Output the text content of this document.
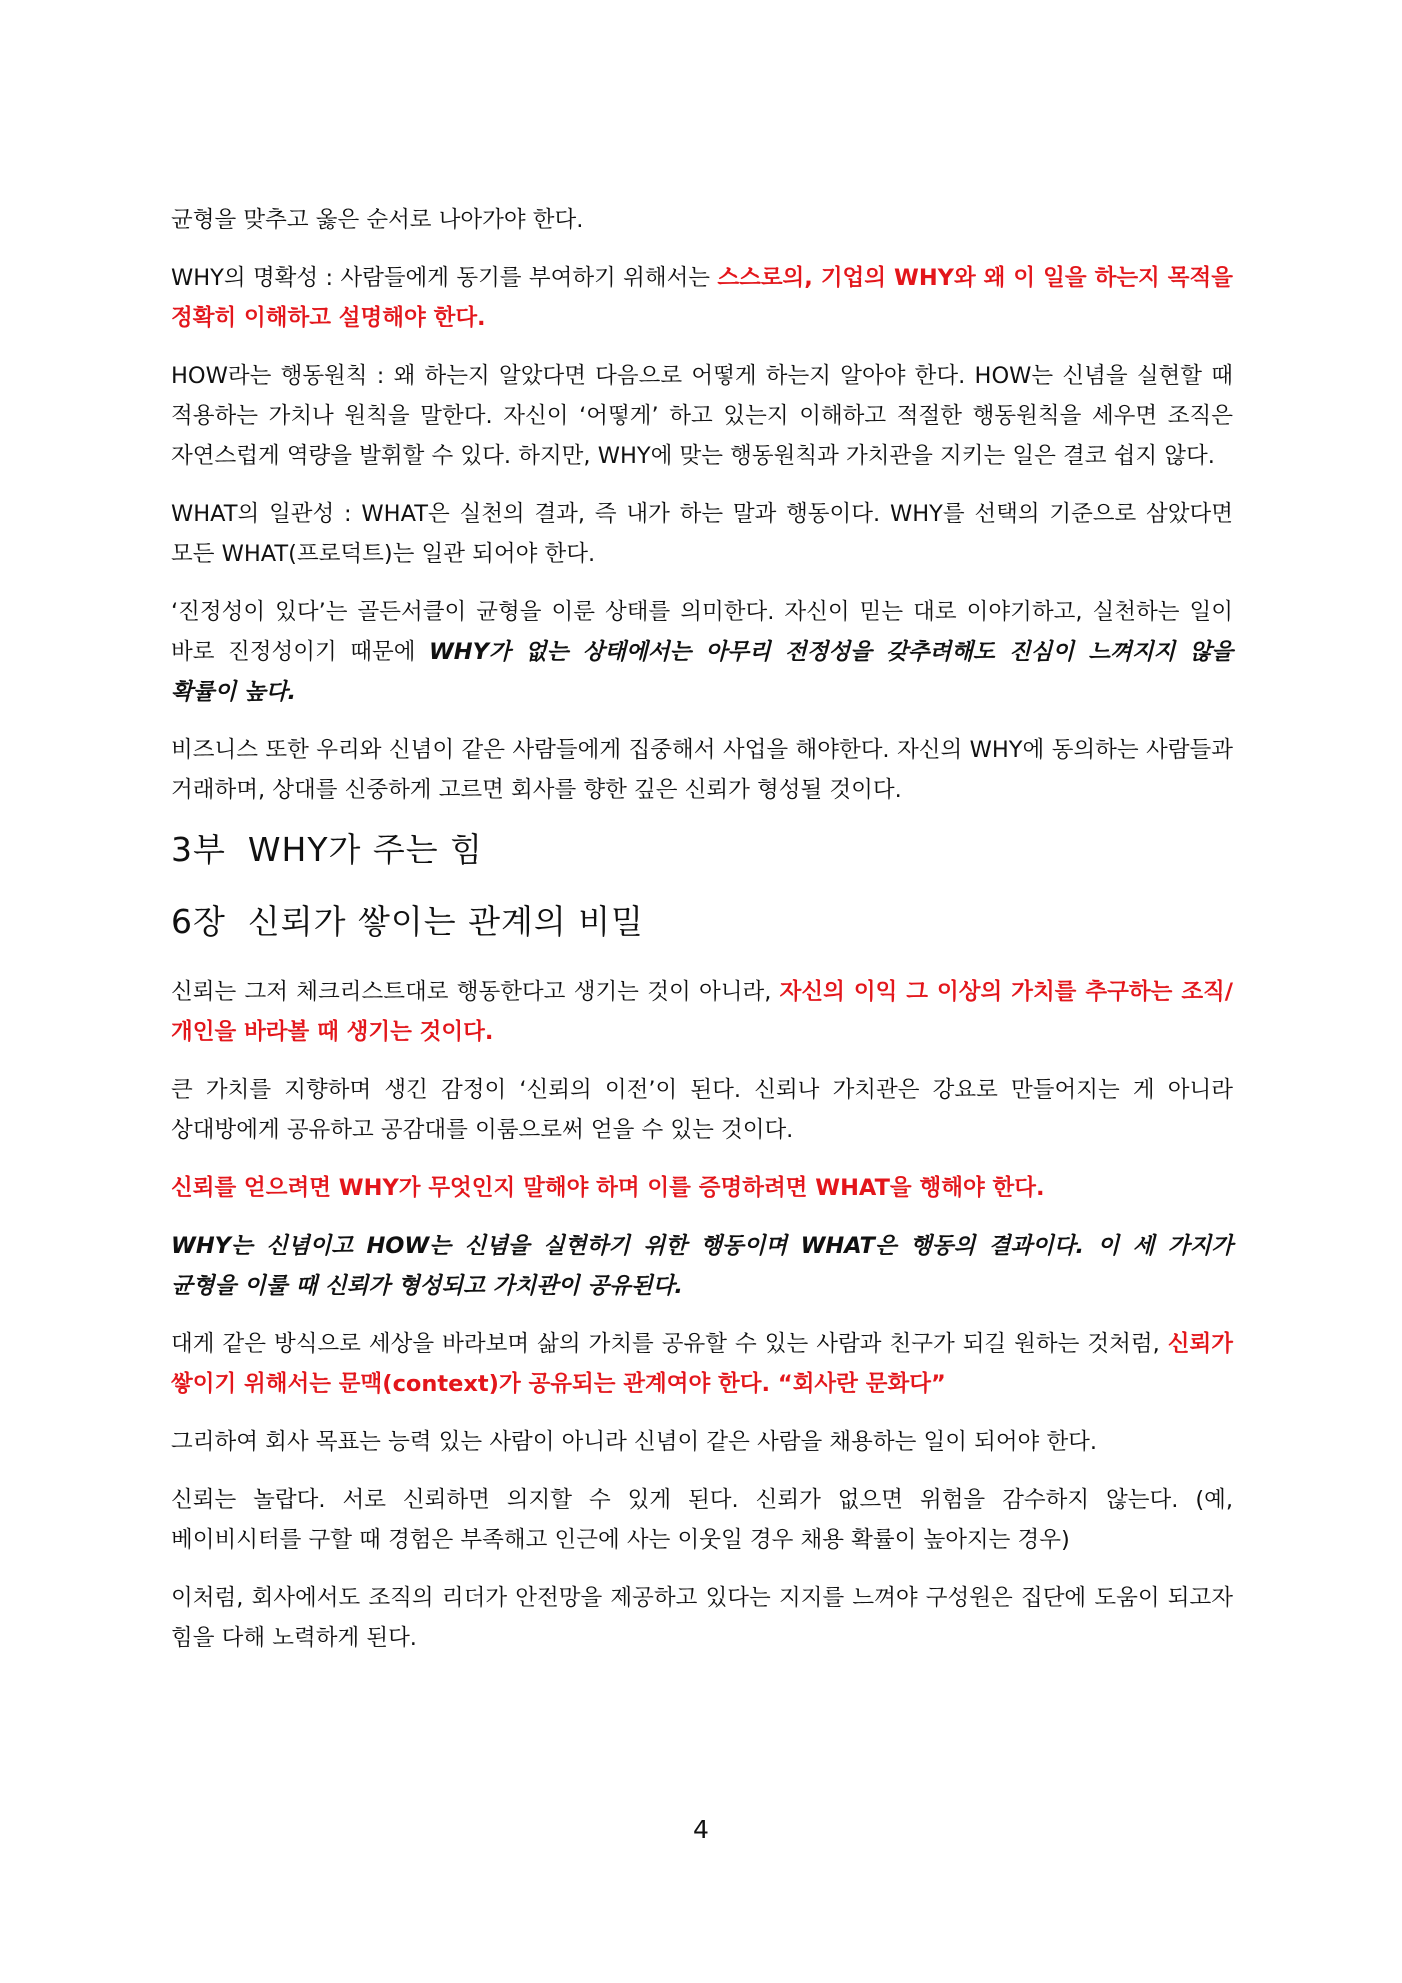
균형을 맞추고 옳은 순서로 나아가야 한다.

WHY의 명확성 : 사람들에게 동기를 부여하기 위해서는 스스로의, 기업의 WHY와 왜 이 일을 하는지 목적을 정확히 이해하고 설명해야 한다.

HOW라는 행동원칙 : 왜 하는지 알았다면 다음으로 어떻게 하는지 알아야 한다. HOW는 신념을 실현할 때 적용하는 가치나 원칙을 말한다. 자신이 ‘어떻게’ 하고 있는지 이해하고 적절한 행동원칙을 세우면 조직은 자연스럽게 역량을 발휘할 수 있다. 하지만, WHY에 맞는 행동원칙과 가치관을 지키는 일은 결코 쉽지 않다.

WHAT의 일관성 : WHAT은 실천의 결과, 즉 내가 하는 말과 행동이다. WHY를 선택의 기준으로 삼았다면 모든 WHAT(프로덕트)는 일관 되어야 한다.

‘진정성이 있다’는 골든서클이 균형을 이룬 상태를 의미한다. 자신이 믿는 대로 이야기하고, 실천하는 일이 바로 진정성이기 때문에 WHY가 없는 상태에서는 아무리 전정성을 갖추려해도 진심이 느껴지지 않을 확률이 높다.

비즈니스 또한 우리와 신념이 같은 사람들에게 집중해서 사업을 해야한다. 자신의 WHY에 동의하는 사람들과 거래하며, 상대를 신중하게 고르면 회사를 향한 깊은 신뢰가 형성될 것이다.

3부 WHY가 주는 힘
6장 신뢰가 쌓이는 관계의 비밀

신뢰는 그저 체크리스트대로 행동한다고 생기는 것이 아니라, 자신의 이익 그 이상의 가치를 추구하는 조직/개인을 바라볼 때 생기는 것이다.

큰 가치를 지향하며 생긴 감정이 ‘신뢰의 이전’이 된다. 신뢰나 가치관은 강요로 만들어지는 게 아니라 상대방에게 공유하고 공감대를 이룸으로써 얻을 수 있는 것이다.

신뢰를 얻으려면 WHY가 무엇인지 말해야 하며 이를 증명하려면 WHAT을 행해야 한다.

WHY는 신념이고 HOW는 신념을 실현하기 위한 행동이며 WHAT은 행동의 결과이다. 이 세 가지가 균형을 이룰 때 신뢰가 형성되고 가치관이 공유된다.

대게 같은 방식으로 세상을 바라보며 삶의 가치를 공유할 수 있는 사람과 친구가 되길 원하는 것처럼, 신뢰가 쌓이기 위해서는 문맥(context)가 공유되는 관계여야 한다. “회사란 문화다”

그리하여 회사 목표는 능력 있는 사람이 아니라 신념이 같은 사람을 채용하는 일이 되어야 한다.

신뢰는 놀랍다. 서로 신뢰하면 의지할 수 있게 된다. 신뢰가 없으면 위험을 감수하지 않는다. (예, 베이비시터를 구할 때 경험은 부족해고 인근에 사는 이웃일 경우 채용 확률이 높아지는 경우)

이처럼, 회사에서도 조직의 리더가 안전망을 제공하고 있다는 지지를 느껴야 구성원은 집단에 도움이 되고자 힘을 다해 노력하게 된다.

4
